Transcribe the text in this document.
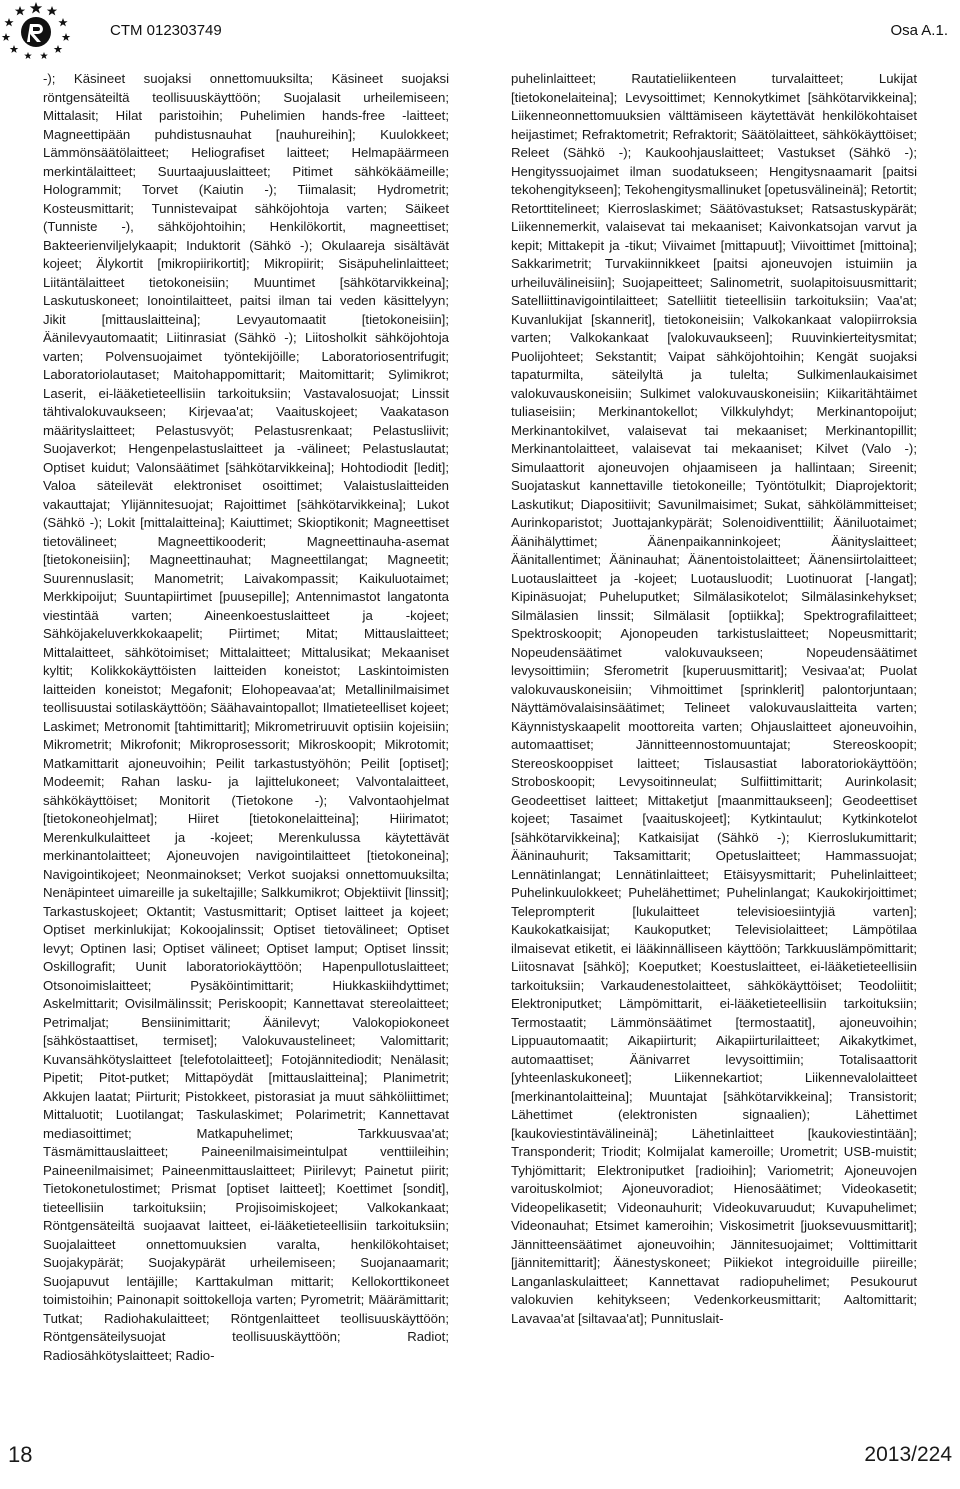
CTM 012303749	Osa A.1.
-); Käsineet suojaksi onnettomuuksilta; Käsineet suojaksi röntgensäteiltä teollisuuskäyttöön; Suojalasit urheilemiseen; Mittalasit; Hilat paristoihin; Puhelimien hands-free -laitteet; Magneettipään puhdistusnauhat [nauhureihin]; Kuulokkeet; Lämmönsäätölaitteet; Heliografiset laitteet; Helmapäärmeen merkintälaitteet; Suurtaajuuslaitteet; Pitimet sähkökäämeille; Hologrammit; Torvet (Kaiutin -); Tiimalasit; Hydrometrit; Kosteusmittarit; Tunnistevaipat sähköjohtoja varten; Säikeet (Tunniste -), sähköjohtoihin; Henkilökortit, magneettiset; Bakteerienviljelykaapit; Induktorit (Sähkö -); Okulaareja sisältävät kojeet; Älykortit [mikropiirikortit]; Mikropiirit; Sisäpuhelinlaitteet; Liitäntälaitteet tietokoneisiin; Muuntimet [sähkötarvikkeina]; Laskutuskoneet; Ionointilaitteet, paitsi ilman tai veden käsittelyyn; Jikit [mittauslaitteina]; Levyautomaatit [tietokoneisiin]; Äänilevyautomaatit; Liitinrasiat (Sähkö -); Liitosholkit sähköjohtoja varten; Polvensuojaimet työntekijöille; Laboratoriosentrifugit; Laboratoriolautaset; Maitohappomittarit; Maitomittarit; Sylimikrot; Laserit, ei-lääketieteellisiin tarkoituksiin; Vastavalosuojat; Linssit tähtivalokuvaukseen; Kirjevaa'at; Vaaituskojeet; Vaakatason määrityslaitteet; Pelastusvyöt; Pelastusrenkaat; Pelastusliivit; Suojaverkot; Hengenpelastuslaitteet ja -välineet; Pelastuslautat; Optiset kuidut; Valonsäätimet [sähkötarvikkeina]; Hohtodiodit [ledit]; Valoa säteilevät elektroniset osoittimet; Valaistuslaitteiden vakauttajat; Ylijännitesuojat; Rajoittimet [sähkötarvikkeina]; Lukot (Sähkö -); Lokit [mittalaitteina]; Kaiuttimet; Skioptikonit; Magneettiset tietovälineet; Magneettikooderit; Magneettinauha-asemat [tietokoneisiin]; Magneettinauhat; Magneettilangat; Magneetit; Suurennuslasit; Manometrit; Laivakompassit; Kaikuluotaimet; Merkkipoijut; Suuntapiirtimet [puusepille]; Antennimastot langatonta viestintää varten; Aineenkoestuslaitteet ja -kojeet; Sähköjakeluverkkokaapelit; Piirtimet; Mitat; Mittauslaitteet; Mittalaitteet, sähkötoimiset; Mittalaitteet; Mittalusikat; Mekaaniset kyltit; Kolikkokäyttöisten laitteiden koneistot; Laskintoimisten laitteiden koneistot; Megafonit; Elohopeavaa'at; Metallinilmaisimet teollisuustai sotilaskäyttöön; Säähavaintopallot; Ilmatieteelliset kojeet; Laskimet; Metronomit [tahtimittarit]; Mikrometriruuvit optisiin kojeisiin; Mikrometrit; Mikrofonit; Mikroprosessorit; Mikroskoopit; Mikrotomit; Matkamittarit ajoneuvoihin; Peilit tarkastustyöhön; Peilit [optiset]; Modeemit; Rahan lasku- ja lajittelukoneet; Valvontalaitteet, sähkökäyttöiset; Monitorit (Tietokone -); Valvontaohjelmat [tietokoneohjelmat]; Hiiret [tietokonelaitteina]; Hiirimatot; Merenkulkulaitteet ja -kojeet; Merenkulussa käytettävät merkinantolaitteet; Ajoneuvojen navigointilaitteet [tietokoneina]; Navigointikojeet; Neonmainokset; Verkot suojaksi onnettomuuksilta; Nenäpinteet uimareille ja sukeltajille; Salkkumikrot; Objektiivit [linssit]; Tarkastuskojeet; Oktantit; Vastusmittarit; Optiset laitteet ja kojeet; Optiset merkinlukijat; Kokoojalinssit; Optiset tietovälineet; Optiset levyt; Optinen lasi; Optiset välineet; Optiset lamput; Optiset linssit; Oskillografit; Uunit laboratoriokäyttöön; Hapenpullotuslaitteet; Otsonoimislaitteet; Pysäköintimittarit; Hiukkaskiihdyttimet; Askelmittarit; Ovisilmälinssit; Periskoopit; Kannettavat stereolaitteet; Petrimaljat; Bensiinimittarit; Äänilevyt; Valokopiokoneet [sähköstaattiset, termiset]; Valokuvaustelineet; Valomittarit; Kuvansähkötyslaitteet [telefotolaitteet]; Fotojännitediodit; Nenälasit; Pipetit; Pitot-putket; Mittapöydät [mittauslaitteina]; Planimetrit; Akkujen laatat; Piirturit; Pistokkeet, pistorasiat ja muut sähköliittimet; Mittaluotit; Luotilangat; Taskulaskimet; Polarimetrit; Kannettavat mediasoittimet; Matkapuhelimet; Tarkkuusvaa'at; Täsmämittauslaitteet; Paineenilmaisimeintulpat venttiileihin; Paineenilmaisimet; Paineenmittauslaitteet; Piirilevyt; Painetut piirit; Tietokonetulostimet; Prismat [optiset laitteet]; Koettimet [sondit], tieteellisiin tarkoituksiin; Projisoimiskojeet; Valkokankaat; Röntgensäteiltä suojaavat laitteet, ei-lääketieteellisiin tarkoituksiin; Suojalaitteet onnettomuuksien varalta, henkilökohtaiset; Suojakypärät; Suojakypärät urheilemiseen; Suojanaamarit; Suojapuvut lentäjille; Karttakulman mittarit; Kellokorttikoneet toimistoihin; Painonapit soittokelloja varten; Pyrometrit; Määrämittarit; Tutkat; Radiohakulaitteet; Röntgenlaitteet teollisuuskäyttöön; Röntgensäteilysuojat teollisuuskäyttöön; Radiot; Radiosähkötyslaitteet; Radio-
puhelinlaitteet; Rautatieliikenteen turvalaitteet; Lukijat [tietokonelaiteina]; Levysoittimet; Kennokytkimet [sähkötarvikkeina]; Liikenneonnettomuuksien välttämiseen käytettävät henkilökohtaiset heijastimet; Refraktometrit; Refraktorit; Säätölaitteet, sähkökäyttöiset; Releet (Sähkö -); Kaukoohjauslaitteet; Vastukset (Sähkö -); Hengityssuojaimet ilman suodatukseen; Hengitysnaamarit [paitsi tekohengitykseen]; Tekohengitysmallinuket [opetusvälineinä]; Retortit; Retorttitelineet; Kierroslaskimet; Säätövastukset; Ratsastuskypärät; Liikennemerkit, valaisevat tai mekaaniset; Kaivonkatsojan varvut ja kepit; Mittakepit ja -tikut; Viivaimet [mittapuut]; Viivoittimet [mittoina]; Sakkarimetrit; Turvakiinnikkeet [paitsi ajoneuvojen istuimiin ja urheiluvälineisiin]; Suojapeitteet; Salinometrit, suolapitoisuusmittarit; Satelliittinavigointilaitteet; Satelliitit tieteellisiin tarkoituksiin; Vaa'at; Kuvanlukijat [skannerit], tietokoneisiin; Valkokankaat valopiirroksia varten; Valkokankaat [valokuvaukseen]; Ruuvinkierteitysmitat; Puolijohteet; Sekstantit; Vaipat sähköjohtoihin; Kengät suojaksi tapaturmilta, säteilyltä ja tulelta; Sulkimenlaukaisimet valokuvauskoneisiin; Sulkimet valokuvauskoneisiin; Kiikaritähtäimet tuliaseisiin; Merkinantokellot; Vilkkulyhdyt; Merkinantopoijut; Merkinantokilvet, valaisevat tai mekaaniset; Merkinantopillit; Merkinantolaitteet, valaisevat tai mekaaniset; Kilvet (Valo -); Simulaattorit ajoneuvojen ohjaamiseen ja hallintaan; Sireenit; Suojataskut kannettaville tietokoneille; Työntötulkit; Diaprojektorit; Laskutikut; Diapositiivit; Savunilmaisimet; Sukat, sähkölämmitteiset; Aurinkoparistot; Juottajankypärät; Solenoidiventtiilit; Ääniluotaimet; Äänihälyttimet; Äänenpaikanninkojeet; Äänityslaitteet; Äänitallentimet; Ääninauhat; Äänentoistolaitteet; Äänensiirtolaitteet; Luotauslaitteet ja -kojeet; Luotausluodit; Luotinuorat [-langat]; Kipinäsuojat; Puheluputket; Silmälasikotelot; Silmälasinkehykset; Silmälasien linssit; Silmälasit [optiikka]; Spektrografilaitteet; Spektroskoopit; Ajonopeuden tarkistuslaitteet; Nopeusmittarit; Nopeudensäätimet valokuvaukseen; Nopeudensäätimet levysoittimiin; Sferometrit [kuperuusmittarit]; Vesivaa'at; Puolat valokuvauskoneisiin; Vihmoittimet [sprinklerit] palontorjuntaan; Näyttämövalaisinsäätimet; Telineet valokuvauslaitteita varten; Käynnistyskaapelit moottoreita varten; Ohjauslaitteet ajoneuvoihin, automaattiset; Jännitteennostomuuntajat; Stereoskoopit; Stereoskooppiset laitteet; Tislausastiat laboratoriokäyttöön; Stroboskoopit; Levysoitinneulat; Sulfiittimittarit; Aurinkolasit; Geodeettiset laitteet; Mittaketjut [maanmittaukseen]; Geodeettiset kojeet; Tasaimet [vaaituskojeet]; Kytkintaulut; Kytkinkotelot [sähkötarvikkeina]; Katkaisijat (Sähkö -); Kierroslukumittarit; Ääninauhurit; Taksamittarit; Opetuslaitteet; Hammassuojat; Lennätinlangat; Lennätinlaitteet; Etäisyysmittarit; Puhelinlaitteet; Puhelinkuulokkeet; Puhelähettimet; Puhelinlangat; Kaukokirjoittimet; Teleprompterit [lukulaitteet televisioesiintyjiä varten]; Kaukokatkaisijat; Kaukoputket; Televisiolaitteet; Lämpötilaa ilmaisevat etiketit, ei lääkinnälliseen käyttöön; Tarkkuuslämpömittarit; Liitosnavat [sähkö]; Koeputket; Koestuslaitteet, ei-lääketieteellisiin tarkoituksiin; Varkaudenestolaitteet, sähkökäyttöiset; Teodoliitit; Elektroniputket; Lämpömittarit, ei-lääketieteellisiin tarkoituksiin; Termostaatit; Lämmönsäätimet [termostaatit], ajoneuvoihin; Lippuautomaatit; Aikapiirturit; Aikapiirturilaitteet; Aikakytkimet, automaattiset; Äänivarret levysoittimiin; Totalisaattorit [yhteenlaskukoneet]; Liikennekartiot; Liikennevalolaitteet [merkinantolaitteina]; Muuntajat [sähkötarvikkeina]; Transistorit; Lähettimet (elektronisten signaalien); Lähettimet [kaukoviestintävälineinä]; Lähetinlaitteet [kaukoviestintään]; Transponderit; Triodit; Kolmijalat kameroille; Urometrit; USB-muistit; Tyhjömittarit; Elektroniputket [radioihin]; Variometrit; Ajoneuvojen varoituskolmiot; Ajoneuvoradiot; Hienosäätimet; Videokasetit; Videopelikasetit; Videonauhurit; Videokuvaruudut; Kuvapuhelimet; Videonauhat; Etsimet kameroihin; Viskosimetrit [juoksevuusmittarit]; Jännitteensäätimet ajoneuvoihin; Jännitesuojaimet; Volttimittarit [jännitemittarit]; Äänestyskoneet; Piikiekot integroiduille piireille; Langanlaskulaitteet; Kannettavat radiopuhelimet; Pesukourut valokuvien kehitykseen; Vedenkorkeusmittarit; Aaltomittarit; Lavavaa'at [siltavaa'at]; Punnituslait-
18	2013/224
